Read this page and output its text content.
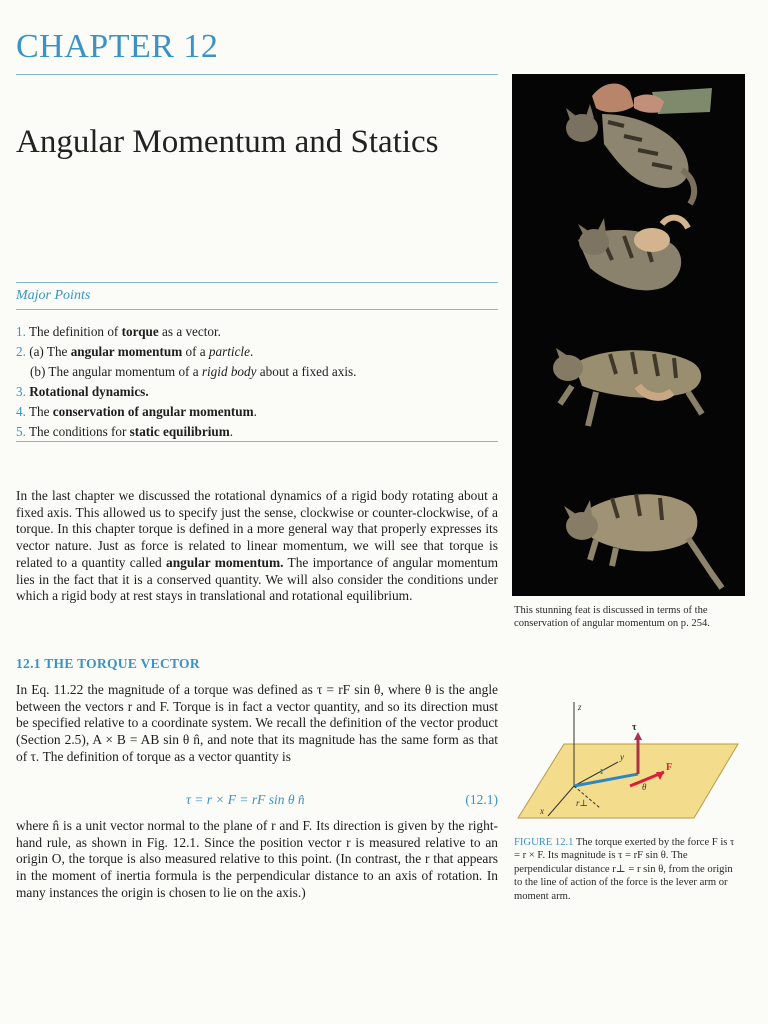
CHAPTER 12
Angular Momentum and Statics
Major Points
1. The definition of torque as a vector.
2. (a) The angular momentum of a particle.
(b) The angular momentum of a rigid body about a fixed axis.
3. Rotational dynamics.
4. The conservation of angular momentum.
5. The conditions for static equilibrium.
In the last chapter we discussed the rotational dynamics of a rigid body rotating about a fixed axis. This allowed us to specify just the sense, clockwise or counter-clockwise, of a torque. In this chapter torque is defined in a more general way that properly expresses its vector nature. Just as force is related to linear momentum, we will see that torque is related to a quantity called angular momentum. The importance of angular momentum lies in the fact that it is a conserved quantity. We will also consider the conditions under which a rigid body at rest stays in translational and rotational equilibrium.
12.1 THE TORQUE VECTOR
In Eq. 11.22 the magnitude of a torque was defined as τ = rF sin θ, where θ is the angle between the vectors r and F. Torque is in fact a vector quantity, and so its direction must be specified relative to a coordinate system. We recall the definition of the vector product (Section 2.5), A × B = AB sin θ n̂, and note that its magnitude has the same form as that of τ. The definition of torque as a vector quantity is
τ = r × F = rF sin θ n̂	(12.1)
where n̂ is a unit vector normal to the plane of r and F. Its direction is given by the right-hand rule, as shown in Fig. 12.1. Since the position vector r is measured relative to an origin O, the torque is also measured relative to this point. (In contrast, the r that appears in the moment of inertia formula is the perpendicular distance to an axis of rotation. In many instances the origin is chosen to lie on the axis.)
This stunning feat is discussed in terms of the conservation of angular momentum on p. 254.
z
x
y
r	F
τ
θ
r⊥
FIGURE 12.1 The torque exerted by the force F is τ = r × F. Its magnitude is τ = rF sin θ. The perpendicular distance r⊥ = r sin θ, from the origin to the line of action of the force is the lever arm or moment arm.
